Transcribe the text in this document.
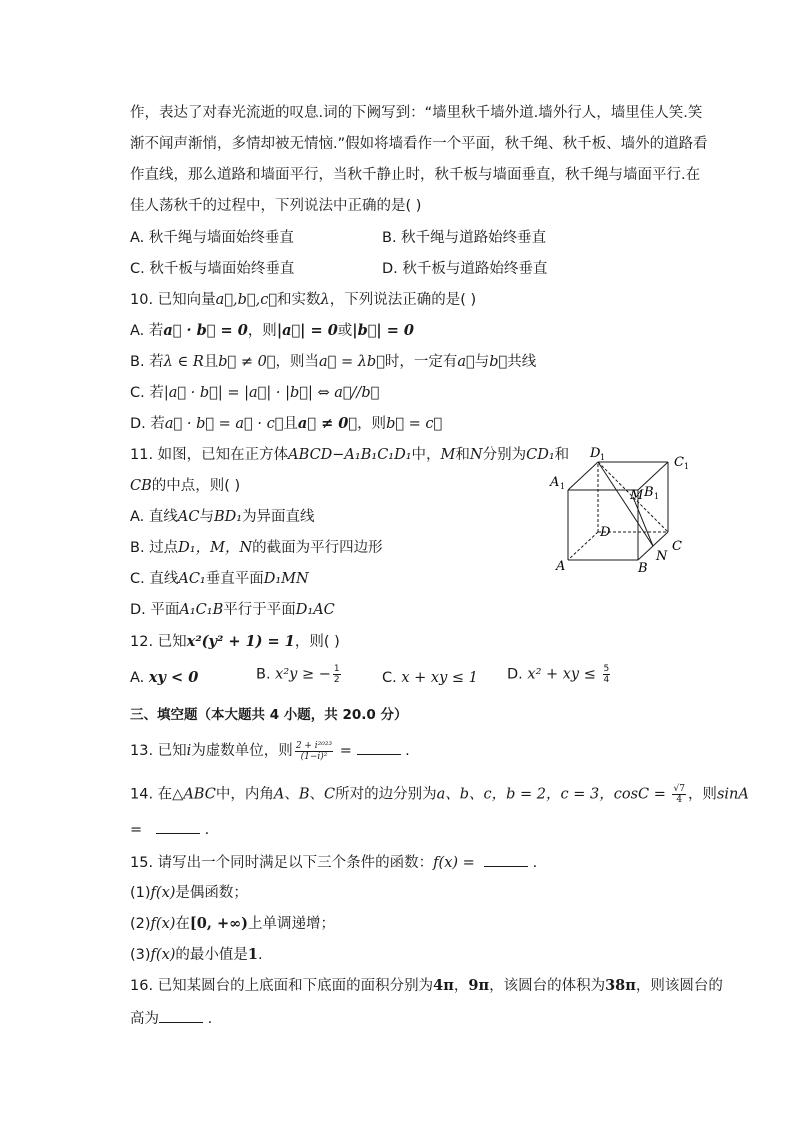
作，表达了对春光流逝的叹息.词的下阙写到：“墙里秋千墙外道.墙外行人，墙里佳人笑.笑
渐不闻声渐悄，多情却被无情恼.”假如将墙看作一个平面，秋千绳、秋千板、墙外的道路看
作直线，那么道路和墙面平行，当秋千静止时，秋千板与墙面垂直，秋千绳与墙面平行.在
佳人荡秋千的过程中，下列说法中正确的是( )
A. 秋千绳与墙面始终垂直	B. 秋千绳与道路始终垂直
C. 秋千板与墙面始终垂直	D. 秋千板与道路始终垂直
10. 已知向量a⃗,b⃗,c⃗和实数λ，下列说法正确的是( )
A. 若a⃗ · b⃗ = 0，则|a⃗| = 0或|b⃗| = 0
B. 若λ ∈ R且b⃗ ≠ 0⃗，则当a⃗ = λb⃗时，一定有a⃗与b⃗共线
C. 若|a⃗ · b⃗| = |a⃗| · |b⃗| ⇔ a⃗//b⃗
D. 若a⃗ · b⃗ = a⃗ · c⃗且a⃗ ≠ 0⃗，则b⃗ = c⃗
11. 如图，已知在正方体ABCD−A₁B₁C₁D₁中，M和N分别为CD₁和
CB的中点，则( )
A. 直线AC与BD₁为异面直线
B. 过点D₁，M，N的截面为平行四边形
C. 直线AC₁垂直平面D₁MN
D. 平面A₁C₁B平行于平面D₁AC
D 1	C 1
A 1
M B 1
D
C
N
A	B
12. 已知x²(y² + 1) = 1，则( )
A. xy < 0	B. x²y ≥ − $\frac{1}{2}$	C. x + xy ≤ 1 D. x² + xy ≤ $\frac{5}{4}$
三、填空题（本大题共 4 小题，共 20.0 分）
13. 已知i为虚数单位，则 $\frac{\text{2 + i²⁰²³}}{\text{(1−i)²}}$ =	.
14. 在△ABC中，内角A、B、C所对的边分别为a、b、c，b = 2，c = 3，$\cos C = \frac{√7}{4}$ ，则sinA
=	.
15. 请写出一个同时满足以下三个条件的函数：f(x) =	.
(1)f(x)是偶函数；
(2)f(x)在[0, +∞)上单调递增；
(3)f(x)的最小值是1.
16. 已知某圆台的上底面和下底面的面积分别为4π，9π，该圆台的体积为38π，则该圆台的
高为	.
